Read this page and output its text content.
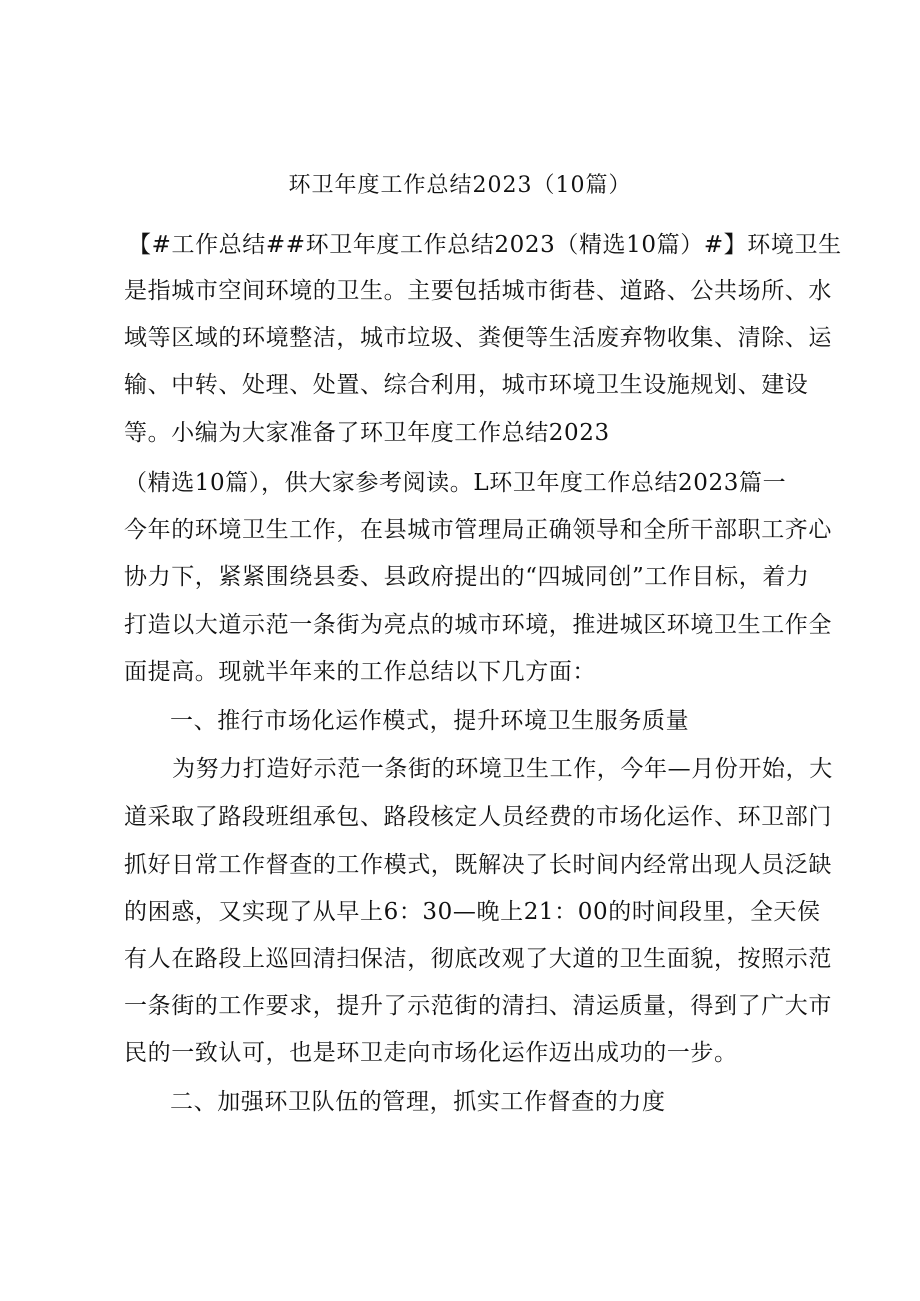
环卫年度工作总结2023（10篇）
【#工作总结##环卫年度工作总结2023（精选10篇）#】环境卫生
是指城市空间环境的卫生。主要包括城市街巷、道路、公共场所、水
域等区域的环境整洁，城市垃圾、粪便等生活废弃物收集、清除、运
输、中转、处理、处置、综合利用，城市环境卫生设施规划、建设
等。小编为大家准备了环卫年度工作总结2023
（精选10篇），供大家参考阅读。L环卫年度工作总结2023篇一
今年的环境卫生工作，在县城市管理局正确领导和全所干部职工齐心
协力下，紧紧围绕县委、县政府提出的“四城同创”工作目标，着力
打造以大道示范一条街为亮点的城市环境，推进城区环境卫生工作全
面提高。现就半年来的工作总结以下几方面：
一、推行市场化运作模式，提升环境卫生服务质量
为努力打造好示范一条街的环境卫生工作，今年—月份开始，大
道采取了路段班组承包、路段核定人员经费的市场化运作、环卫部门
抓好日常工作督查的工作模式，既解决了长时间内经常出现人员泛缺
的困惑，又实现了从早上6：30—晚上21：00的时间段里，全天侯
有人在路段上巡回清扫保洁，彻底改观了大道的卫生面貌，按照示范
一条街的工作要求，提升了示范街的清扫、清运质量，得到了广大市
民的一致认可，也是环卫走向市场化运作迈出成功的一步。
二、加强环卫队伍的管理，抓实工作督查的力度
